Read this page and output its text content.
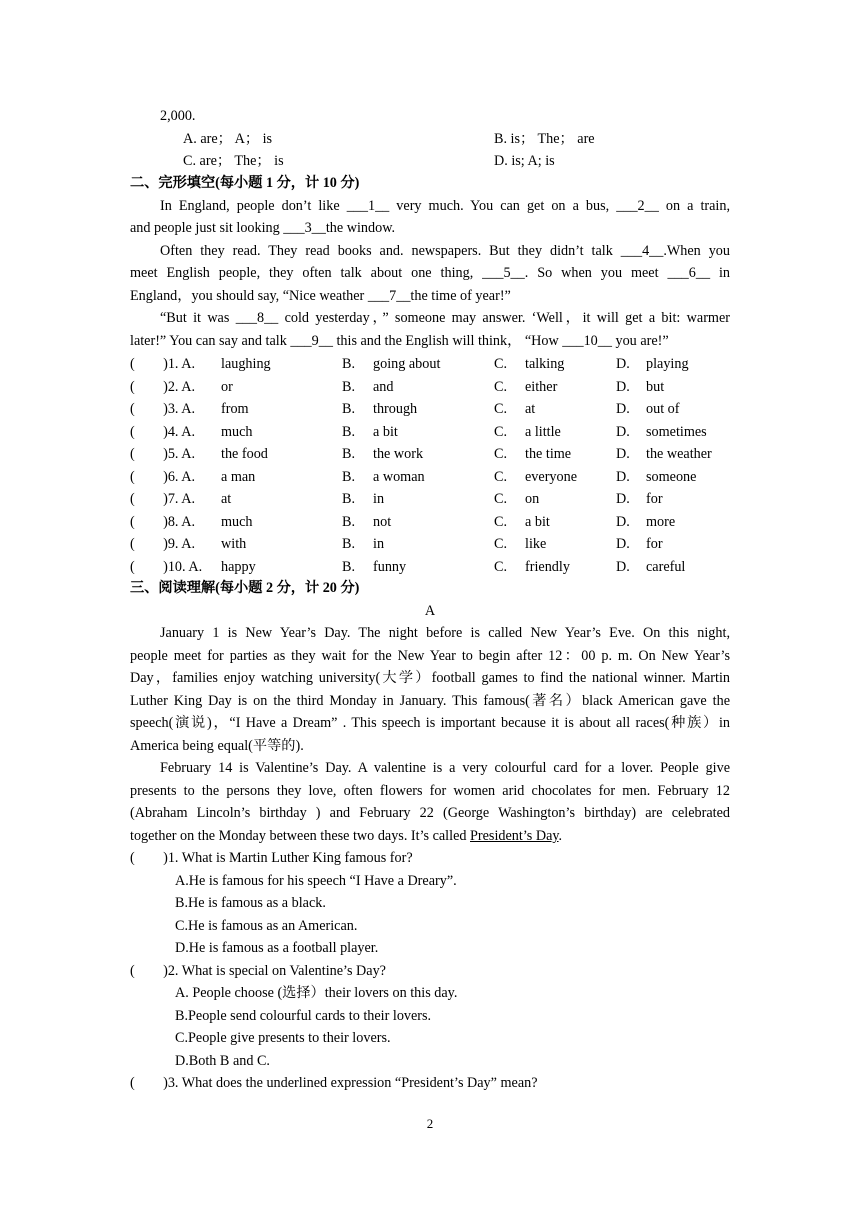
2,000.
A. are； A； is	B. is； The； are
C. are； The； is	D. is; A; is
二、完形填空(每小题 1 分，计 10 分)
In England, people don’t like ___1__ very much. You can get on a bus, ___2__ on a train,
and people just sit looking ___3__the window.
Often they read. They read books and. newspapers. But they didn’t talk ___4__.When you
meet English people, they often talk about one thing, ___5__. So when you meet ___6__ in
England，you should say, “Nice weather ___7__the time of year!”
“But it was ___8__ cold yesterday，” someone may answer. ‘Well，it will get a bit: warmer
later!” You can say and talk ___9__ this and the English will think， “How ___10__ you are!”
(　　)1. A. laughing	B. going about	C. talking	D. playing
(　　)2. A. or	B. and	C. either	D. but
(　　)3. A. from	B. through	C. at	D. out of
(　　)4. A. much	B. a bit	C. a little	D. sometimes
(　　)5. A. the food	B. the work	C. the time	D. the weather
(　　)6. A. a man	B. a woman	C. everyone	D. someone
(　　)7. A. at	B. in	C. on	D. for
(　　)8. A. much	B. not	C. a bit	D. more
(　　)9. A. with	B. in	C. like	D. for
(　　)10. A. happy	B. funny	C. friendly	D. careful
三、阅读理解(每小题 2 分，计 20 分)
A
January 1 is New Year’s Day. The night before is called New Year’s Eve. On this night,
people meet for parties as they wait for the New Year to begin after 12：00 p. m. On New Year’s
Day，families enjoy watching university(大学）football games to find the national winner. Martin
Luther King Day is on the third Monday in January. This famous(著名）black American gave the
speech(演说)，“I Have a Dream” . This speech is important because it is about all races(种族）in
America being equal(平等的).
February 14 is Valentine’s Day. A valentine is a very colourful card for a lover. People give
presents to the persons they love, often flowers for women arid chocolates for men. February 12
(Abraham Lincoln’s birthday ) and February 22 (George Washington’s birthday) are celebrated
together on the Monday between these two days. It’s called President’s Day.
(　　)1. What is Martin Luther King famous for?
A.He is famous for his speech “I Have a Dreary”.
B.He is famous as a black.
C.He is famous as an American.
D.He is famous as a football player.
(　　)2. What is special on Valentine’s Day?
A. People choose (选择）their lovers on this day.
B.People send colourful cards to their lovers.
C.People give presents to their lovers.
D.Both B and C.
(　　)3. What does the underlined expression “President’s Day” mean?
2
